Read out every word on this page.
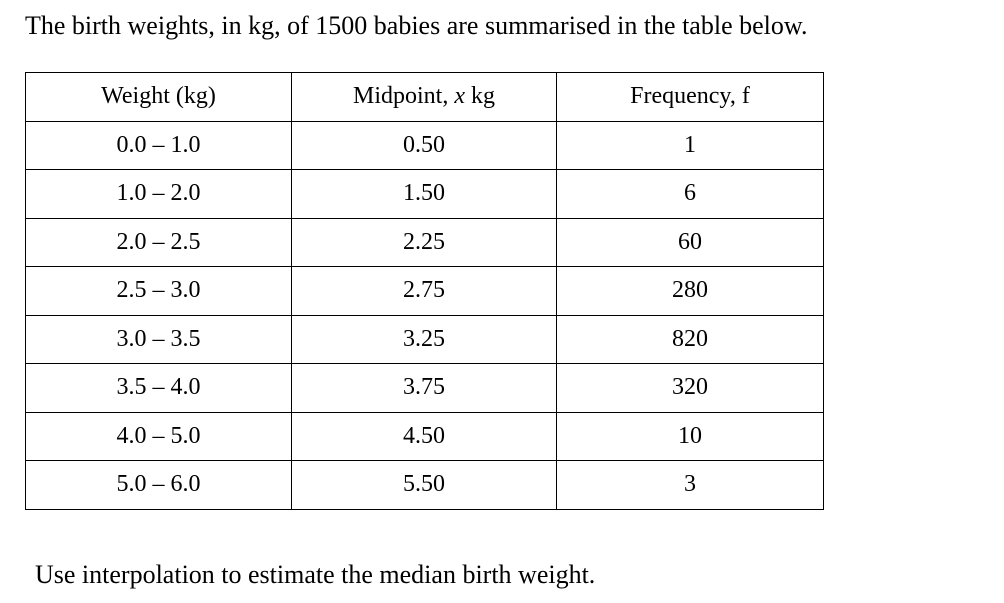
The birth weights, in kg, of 1500 babies are summarised in the table below.

Weight (kg)	Midpoint, x kg	Frequency, f
0.0 – 1.0	0.50	1
1.0 – 2.0	1.50	6
2.0 – 2.5	2.25	60
2.5 – 3.0	2.75	280
3.0 – 3.5	3.25	820
3.5 – 4.0	3.75	320
4.0 – 5.0	4.50	10
5.0 – 6.0	5.50	3

Use interpolation to estimate the median birth weight.
